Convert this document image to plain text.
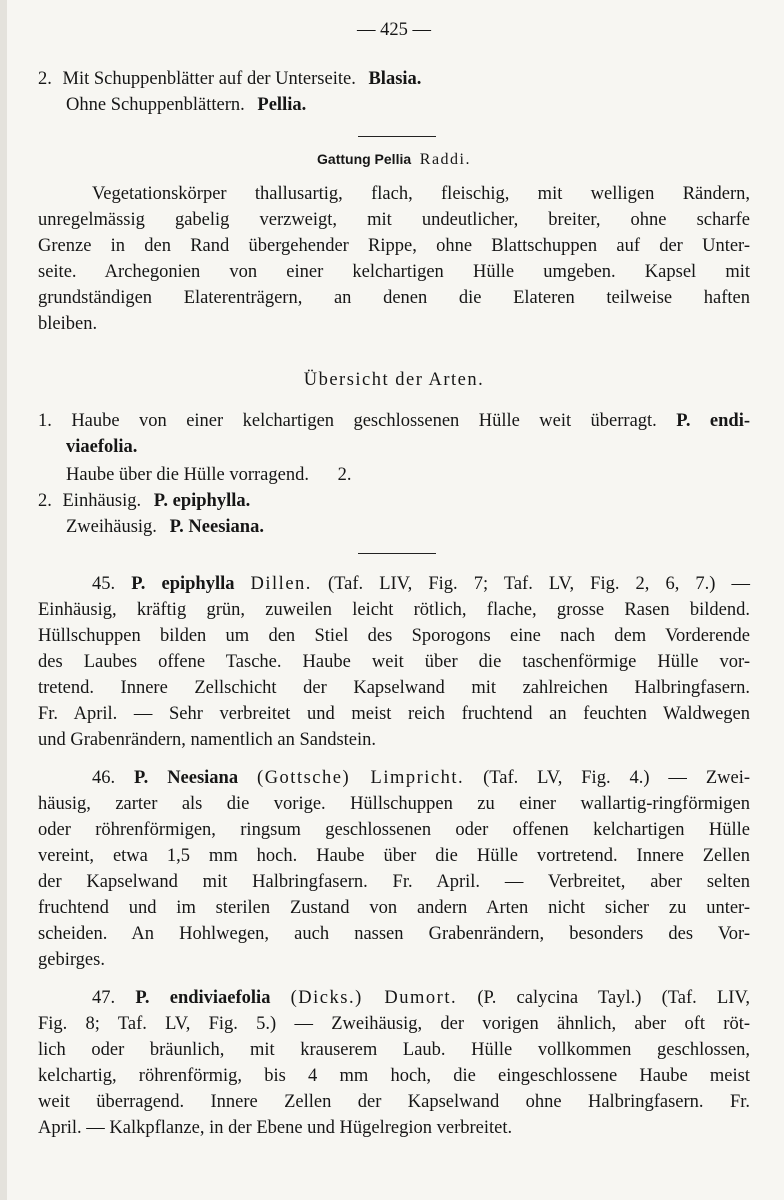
— 425 —
2. Mit Schuppenblätter auf der Unterseite. Blasia.
Ohne Schuppenblättern. Pellia.
Gattung Pellia Raddi.
Vegetationskörper thallusartig, flach, fleischig, mit welligen Rändern,
unregelmässig gabelig verzweigt, mit undeutlicher, breiter, ohne scharfe
Grenze in den Rand übergehender Rippe, ohne Blattschuppen auf der Unter-
seite. Archegonien von einer kelchartigen Hülle umgeben. Kapsel mit
grundständigen Elaterenträgern, an denen die Elateren teilweise haften
bleiben.
Übersicht der Arten.
1. Haube von einer kelchartigen geschlossenen Hülle weit überragt. P. endi-
viaefolia.
Haube über die Hülle vorragend. 2.
2. Einhäusig. P. epiphylla.
Zweihäusig. P. Neesiana.
45. P. epiphylla Dillen. (Taf. LIV, Fig. 7; Taf. LV, Fig. 2, 6, 7.) —
Einhäusig, kräftig grün, zuweilen leicht rötlich, flache, grosse Rasen bildend.
Hüllschuppen bilden um den Stiel des Sporogons eine nach dem Vorderende
des Laubes offene Tasche. Haube weit über die taschenförmige Hülle vor-
tretend. Innere Zellschicht der Kapselwand mit zahlreichen Halbringfasern.
Fr. April. — Sehr verbreitet und meist reich fruchtend an feuchten Waldwegen
und Grabenrändern, namentlich an Sandstein.
46. P. Neesiana (Gottsche) Limpricht. (Taf. LV, Fig. 4.) — Zwei-
häusig, zarter als die vorige. Hüllschuppen zu einer wallartig-ringförmigen
oder röhrenförmigen, ringsum geschlossenen oder offenen kelchartigen Hülle
vereint, etwa 1,5 mm hoch. Haube über die Hülle vortretend. Innere Zellen
der Kapselwand mit Halbringfasern. Fr. April. — Verbreitet, aber selten
fruchtend und im sterilen Zustand von andern Arten nicht sicher zu unter-
scheiden. An Hohlwegen, auch nassen Grabenrändern, besonders des Vor-
gebirges.
47. P. endiviaefolia (Dicks.) Dumort. (P. calycina Tayl.) (Taf. LIV,
Fig. 8; Taf. LV, Fig. 5.) — Zweihäusig, der vorigen ähnlich, aber oft röt-
lich oder bräunlich, mit krauserem Laub. Hülle vollkommen geschlossen,
kelchartig, röhrenförmig, bis 4 mm hoch, die eingeschlossene Haube meist
weit überragend. Innere Zellen der Kapselwand ohne Halbringfasern. Fr.
April. — Kalkpflanze, in der Ebene und Hügelregion verbreitet.
